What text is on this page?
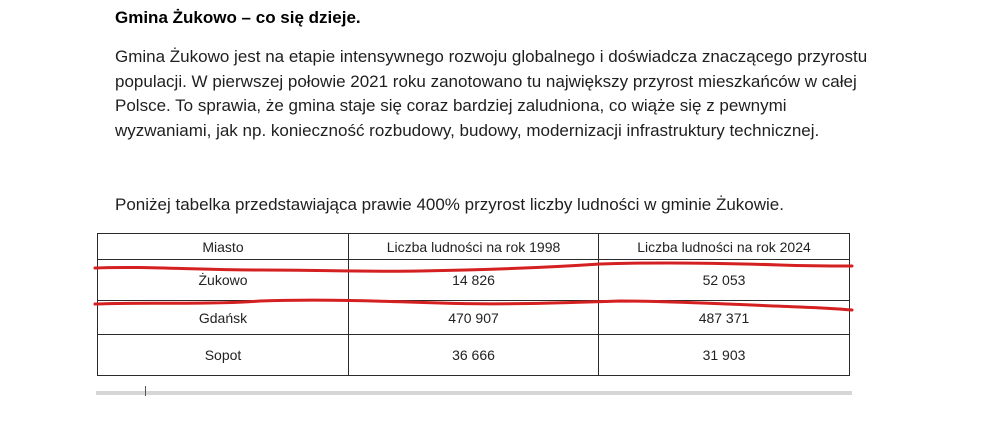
Gmina Żukowo – co się dzieje.
Gmina Żukowo jest na etapie intensywnego rozwoju globalnego i doświadcza znaczącego przyrostu populacji. W pierwszej połowie 2021 roku zanotowano tu największy przyrost mieszkańców w całej Polsce. To sprawia, że gmina staje się coraz bardziej zaludniona, co wiąże się z pewnymi wyzwaniami, jak np. konieczność rozbudowy, budowy, modernizacji infrastruktury technicznej.
Poniżej tabelka przedstawiająca prawie 400% przyrost liczby ludności w gminie Żukowie.
Miasto	Liczba ludności na rok 1998	Liczba ludności na rok 2024
Żukowo	14 826	52 053
Gdańsk	470 907	487 371
Sopot	36 666	31 903
